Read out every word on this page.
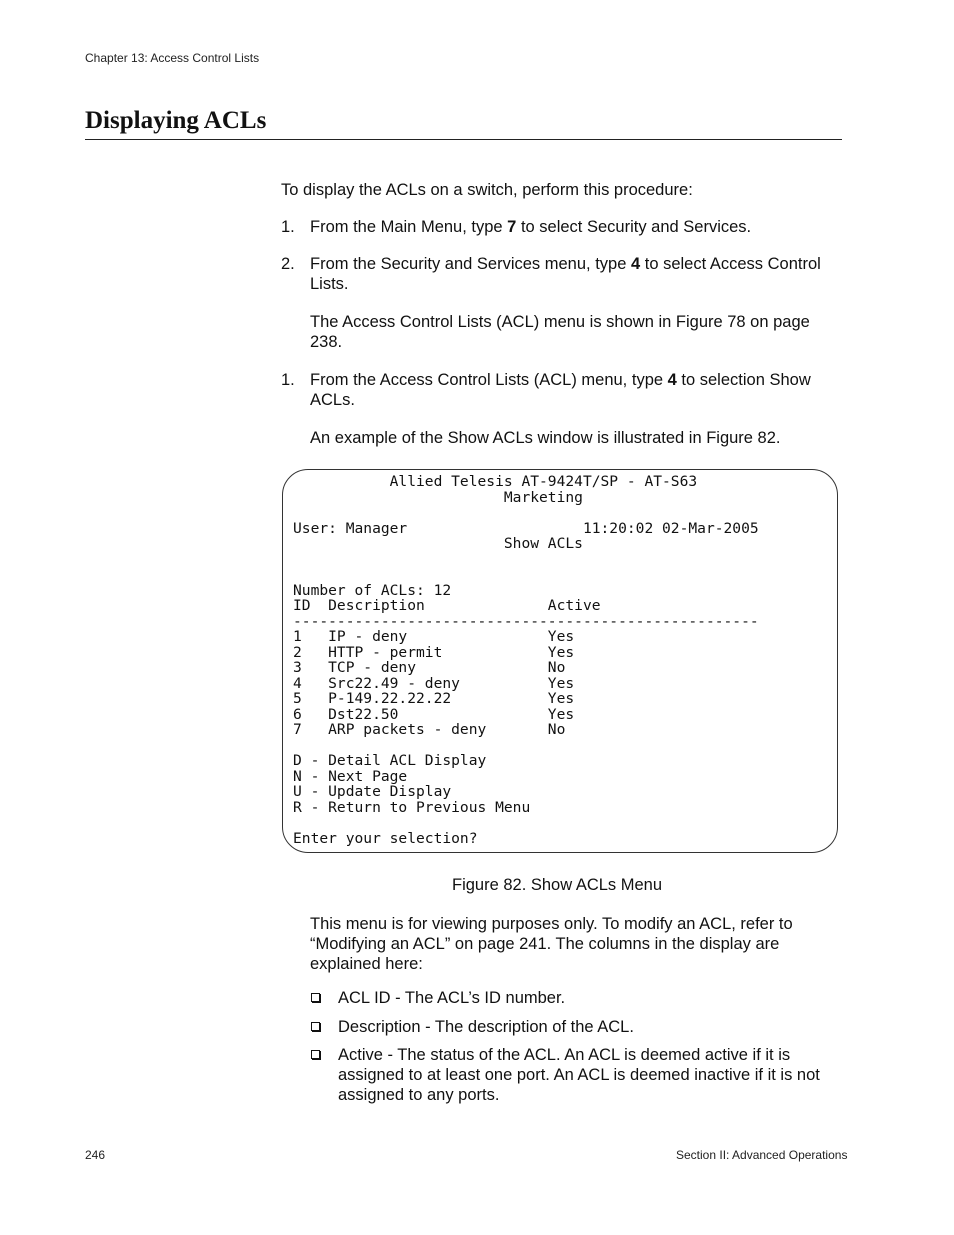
Chapter 13: Access Control Lists
Displaying ACLs
To display the ACLs on a switch, perform this procedure:
1. From the Main Menu, type 7 to select Security and Services.
2. From the Security and Services menu, type 4 to select Access Control Lists.
The Access Control Lists (ACL) menu is shown in Figure 78 on page 238.
1. From the Access Control Lists (ACL) menu, type 4 to selection Show ACLs.
An example of the Show ACLs window is illustrated in Figure 82.
Allied Telesis AT-9424T/SP - AT-S63
Marketing

User: Manager                    11:20:02 02-Mar-2005
Show ACLs

Number of ACLs: 12
ID  Description              Active
-----------------------------------------------------
1   IP - deny                Yes
2   HTTP - permit            Yes
3   TCP - deny               No
4   Src22.49 - deny          Yes
5   P-149.22.22.22           Yes
6   Dst22.50                 Yes
7   ARP packets - deny       No

D - Detail ACL Display
N - Next Page
U - Update Display
R - Return to Previous Menu

Enter your selection?
Figure 82. Show ACLs Menu
This menu is for viewing purposes only. To modify an ACL, refer to “Modifying an ACL” on page 241. The columns in the display are explained here:
ACL ID - The ACL’s ID number.
Description - The description of the ACL.
Active - The status of the ACL. An ACL is deemed active if it is assigned to at least one port. An ACL is deemed inactive if it is not assigned to any ports.
246	Section II: Advanced Operations
